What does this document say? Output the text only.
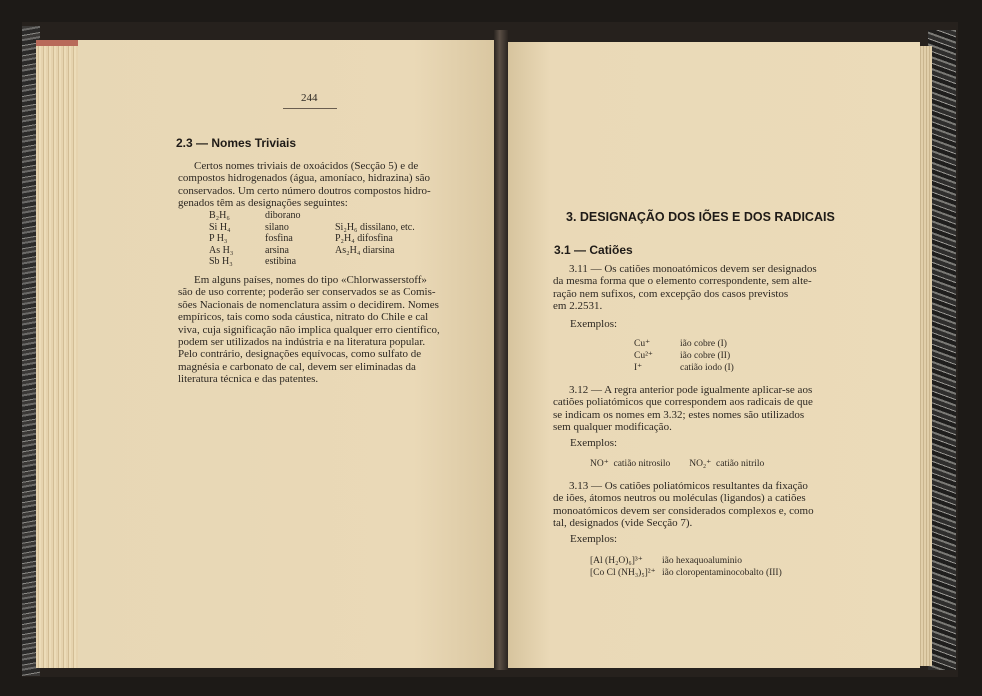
244
2.3 — Nomes Triviais
Certos nomes triviais de oxoácidos (Secção 5) e de
compostos hidrogenados (água, amoníaco, hidrazina) são
conservados. Um certo número doutros compostos hidro-
genados têm as designações seguintes:
B₂H₆	diborano
Si H₄	silano	Si₂H₆ dissilano, etc.
P H₃	fosfina	P₂H₄ difosfina
As H₃	arsina	As₂H₄ diarsina
Sb H₃	estibina
Em alguns países, nomes do tipo «Chlorwasserstoff»
são de uso corrente; poderão ser conservados se as Comis-
sões Nacionais de nomenclatura assim o decidirem. Nomes
empíricos, tais como soda cáustica, nitrato do Chile e cal
viva, cuja significação não implica qualquer erro científico,
podem ser utilizados na indústria e na literatura popular.
Pelo contrário, designações equívocas, como sulfato de
magnésia e carbonato de cal, devem ser eliminadas da
literatura técnica e das patentes.
3. DESIGNAÇÃO DOS IÕES E DOS RADICAIS
3.1 — Catiões
3.11 — Os catiões monoatómicos devem ser designados
da mesma forma que o elemento correspondente, sem alte-
ração nem sufixos, com excepção dos casos previstos
em 2.2531.
Exemplos:
Cu⁺	ião cobre (I)
Cu²⁺	ião cobre (II)
I⁺	catião iodo (I)
3.12 — A regra anterior pode igualmente aplicar-se aos
catiões poliatómicos que correspondem aos radicais de que
se indicam os nomes em 3.32; estes nomes são utilizados
sem qualquer modificação.
Exemplos:
NO⁺  catião nitrosilo        NO₂⁺  catião nitrilo
3.13 — Os catiões poliatómicos resultantes da fixação
de iões, átomos neutros ou moléculas (ligandos) a catiões
monoatómicos devem ser considerados complexos e, como
tal, designados (vide Secção 7).
Exemplos:
[Al (H₂O)₆]³⁺	ião hexaquoaluminio
[Co Cl (NH₃)₅]²⁺ ião cloropentaminocobalto (III)
